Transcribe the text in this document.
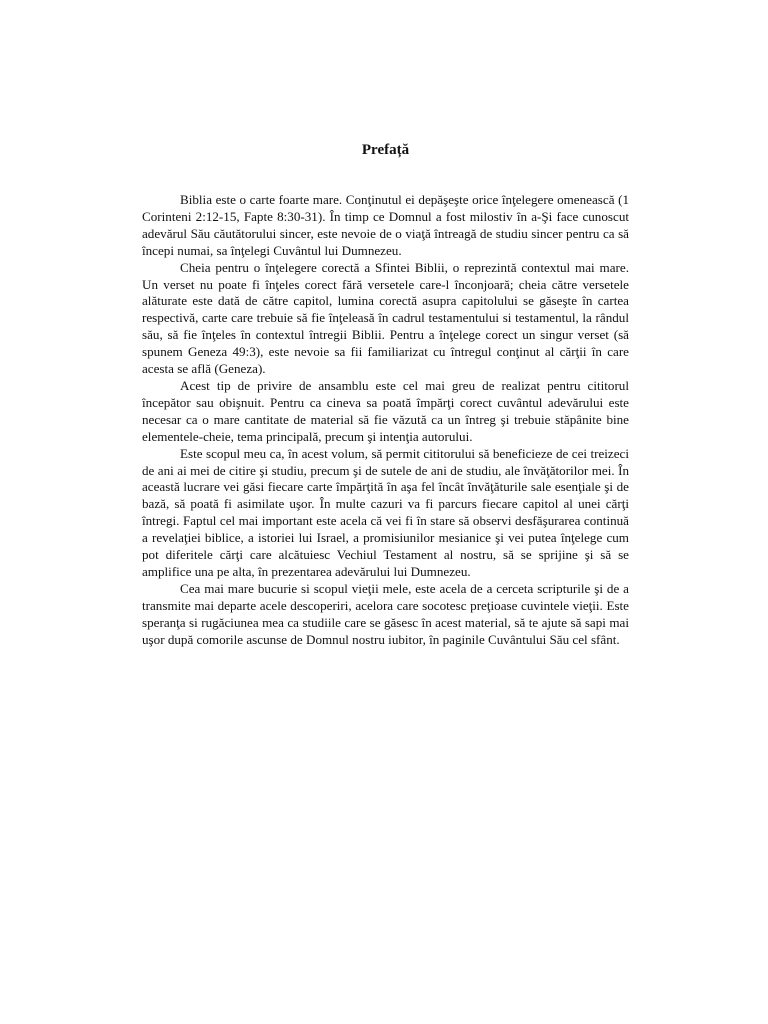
Prefață

Biblia este o carte foarte mare. Conţinutul ei depăşeşte orice înţelegere omenească (1 Corinteni 2:12-15, Fapte 8:30-31). În timp ce Domnul a fost milostiv în a-Şi face cunoscut adevărul Său căutătorului sincer, este nevoie de o viaţă întreagă de studiu sincer pentru ca să începi numai, sa înţelegi Cuvântul lui Dumnezeu.

Cheia pentru o înţelegere corectă a Sfintei Biblii, o reprezintă contextul mai mare. Un verset nu poate fi înţeles corect fără versetele care-l înconjoară; cheia către versetele alăturate este dată de către capitol, lumina corectă asupra capitolului se găseşte în cartea respectivă, carte care trebuie să fie înţeleasă în cadrul testamentului si testamentul, la rândul său, să fie înţeles în contextul întregii Biblii. Pentru a înţelege corect un singur verset (să spunem Geneza 49:3), este nevoie sa fii familiarizat cu întregul conţinut al cărţii în care acesta se află (Geneza).

Acest tip de privire de ansamblu este cel mai greu de realizat pentru cititorul începător sau obişnuit. Pentru ca cineva sa poată împărţi corect cuvântul adevărului este necesar ca o mare cantitate de material să fie văzută ca un întreg şi trebuie stăpânite bine elementele-cheie, tema principală, precum şi intenţia autorului.

Este scopul meu ca, în acest volum, să permit cititorului să beneficieze de cei treizeci de ani ai mei de citire şi studiu, precum şi de sutele de ani de studiu, ale învăţătorilor mei. În această lucrare vei găsi fiecare carte împărţită în aşa fel încât învăţăturile sale esenţiale şi de bază, să poată fi asimilate uşor. În multe cazuri va fi parcurs fiecare capitol al unei cărţi întregi. Faptul cel mai important este acela că vei fi în stare să observi desfăşurarea continuă a revelaţiei biblice, a istoriei lui Israel, a promisiunilor mesianice şi vei putea înţelege cum pot diferitele cărţi care alcătuiesc Vechiul Testament al nostru, să se sprijine şi să se amplifice una pe alta, în prezentarea adevărului lui Dumnezeu.

Cea mai mare bucurie si scopul vieţii mele, este acela de a cerceta scripturile şi de a transmite mai departe acele descoperiri, acelora care socotesc preţioase cuvintele vieţii. Este speranţa si rugăciunea mea ca studiile care se găsesc în acest material, să te ajute să sapi mai uşor după comorile ascunse de Domnul nostru iubitor, în paginile Cuvântului Său cel sfânt.
